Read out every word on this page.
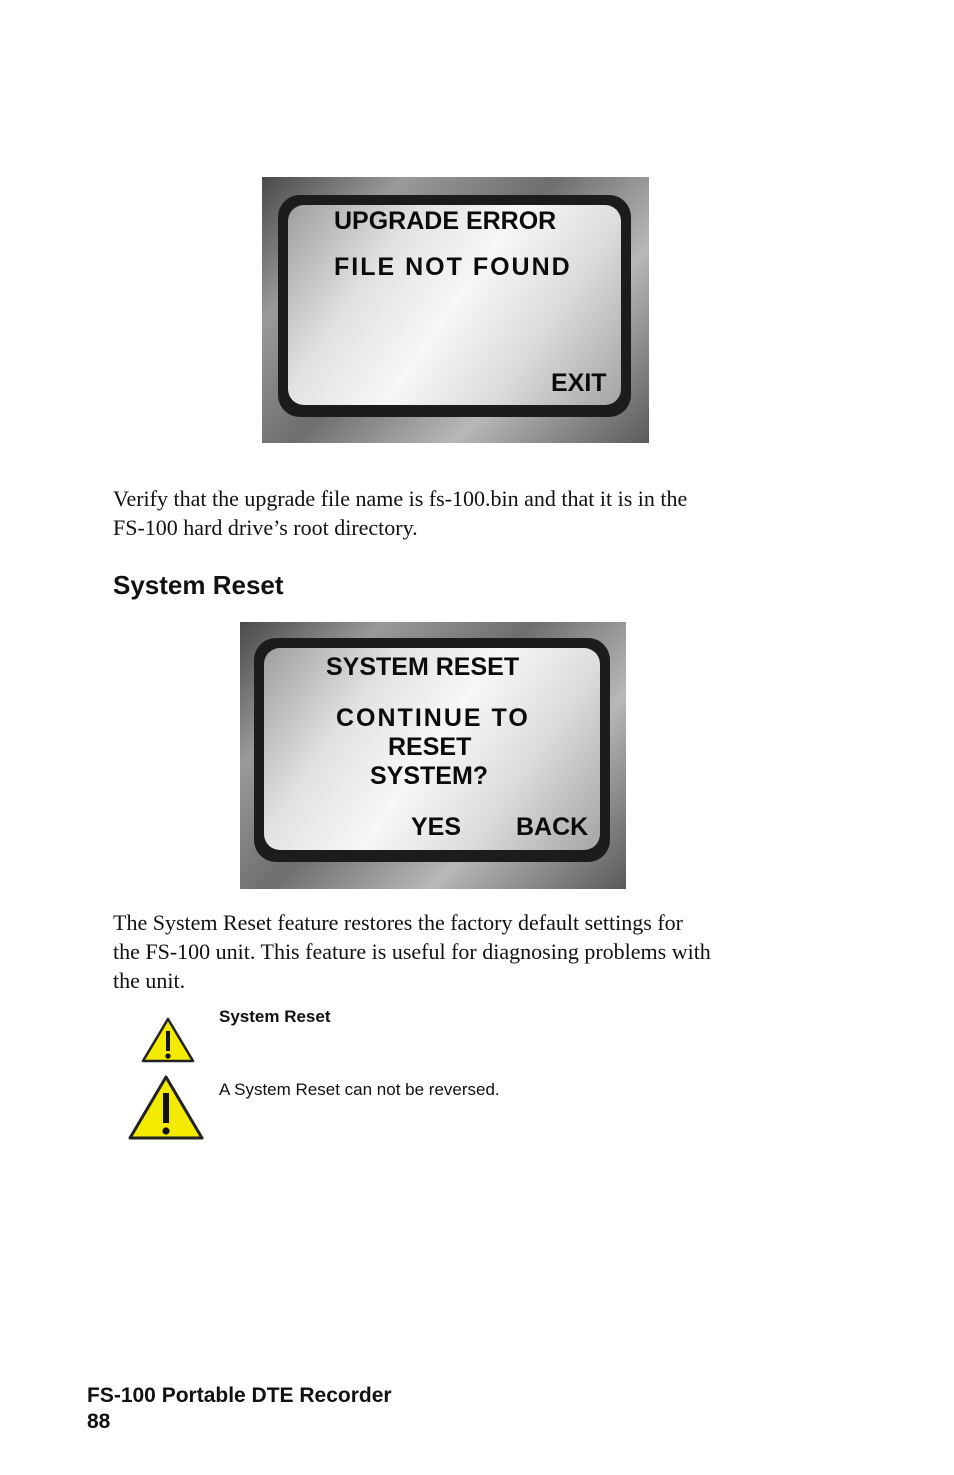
UPGRADE ERROR
FILE NOT FOUND
EXIT
Verify that the upgrade file name is fs-100.bin and that it is in the
FS-100 hard drive’s root directory.
System Reset
SYSTEM RESET
CONTINUE TO
RESET
SYSTEM?
YES BACK
The System Reset feature restores the factory default settings for
the FS-100 unit. This feature is useful for diagnosing problems with
the unit.
System Reset
A System Reset can not be reversed.
FS-100 Portable DTE Recorder
88
